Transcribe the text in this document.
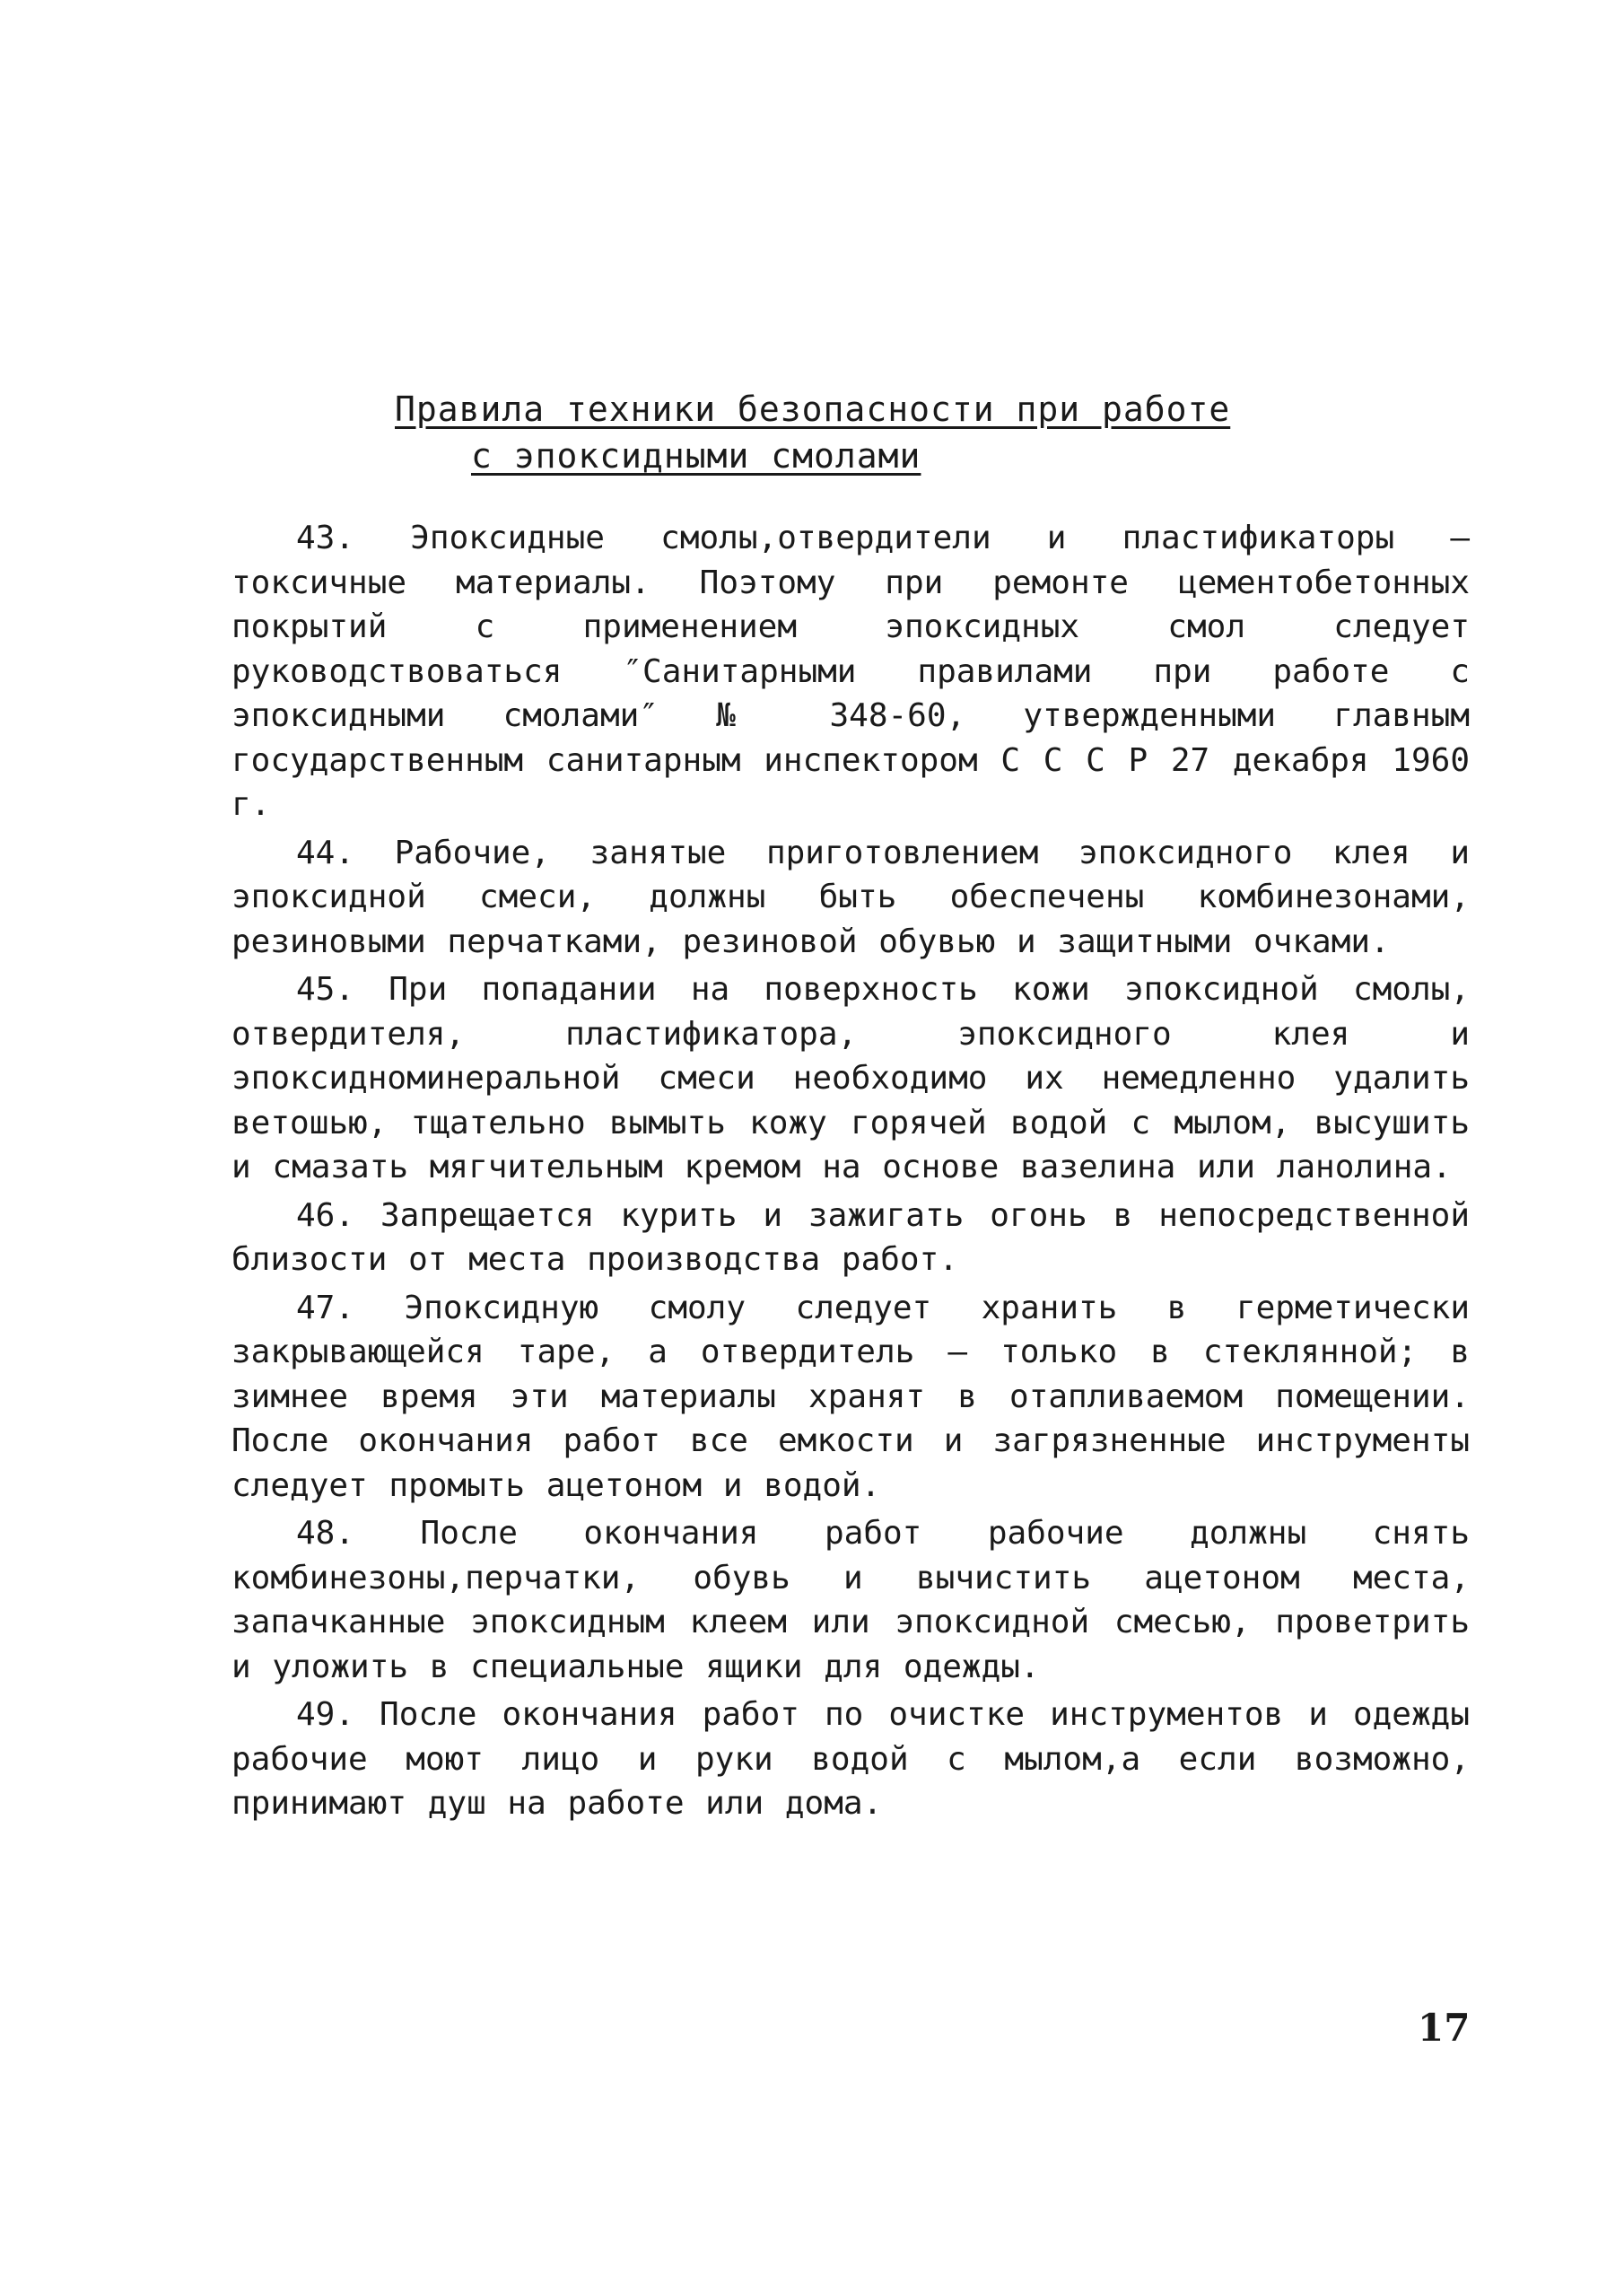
Правила техники безопасности при работе
с эпоксидными смолами

43. Эпоксидные смолы,отвердители и пластификаторы – токсичные материалы. Поэтому при ремонте цементобетонных покрытий с применением эпоксидных смол следует руководствоваться ″Санитарными правилами при работе с эпоксидными смолами″ № 348-60, утвержденными главным государственным санитарным инспектором С С С Р 27 декабря 1960 г.

44. Рабочие, занятые приготовлением эпоксидного клея и эпоксидной смеси, должны быть обеспечены комбинезонами, резиновыми перчатками, резиновой обувью и защитными очками.

45. При попадании на поверхность кожи эпоксидной смолы, отвердителя, пластификатора, эпоксидного клея и эпоксидноминеральной смеси необходимо их немедленно удалить ветошью, тщательно вымыть кожу горячей водой с мылом, высушить и смазать мягчительным кремом на основе вазелина или ланолина.

46. Запрещается курить и зажигать огонь в непосредственной близости от места производства работ.

47. Эпоксидную смолу следует хранить в герметически закрывающейся таре, а отвердитель – только в стеклянной; в зимнее время эти материалы хранят в отапливаемом помещении. После окончания работ все емкости и загрязненные инструменты следует промыть ацетоном и водой.

48. После окончания работ рабочие должны снять комбинезоны,перчатки, обувь и вычистить ацетоном места, запачканные эпоксидным клеем или эпоксидной смесью, проветрить и уложить в специальные ящики для одежды.

49. После окончания работ по очистке инструментов и одежды рабочие моют лицо и руки водой с мылом,а если возможно, принимают душ на работе или дома.

17
